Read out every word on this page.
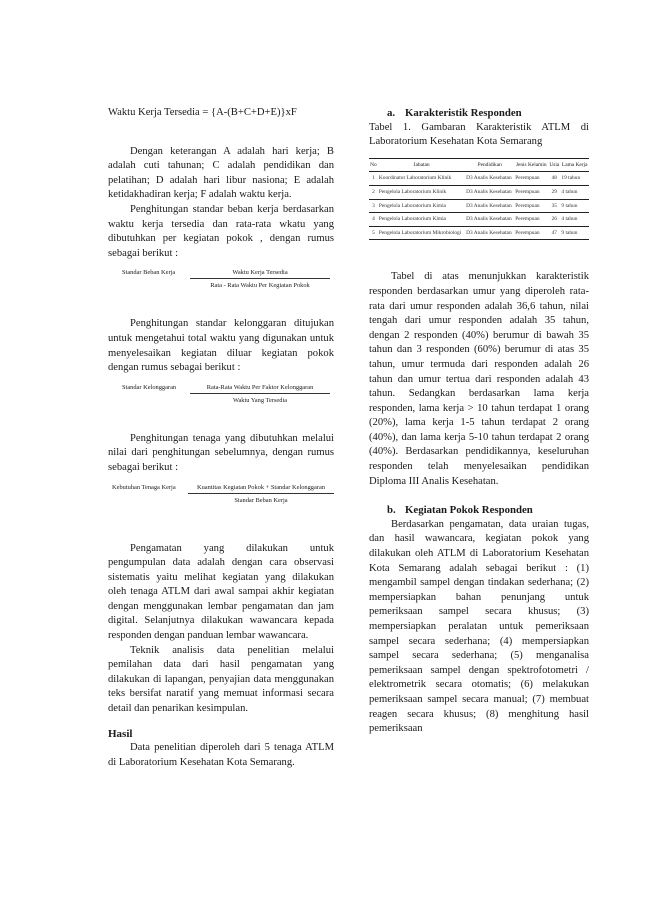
Waktu Kerja Tersedia = {A-(B+C+D+E)}xF

Dengan keterangan A adalah hari kerja; B adalah cuti tahunan; C adalah pendidikan dan pelatihan; D adalah hari libur nasiona; E adalah ketidakhadiran kerja; F adalah waktu kerja.

Penghitungan standar beban kerja berdasarkan waktu kerja tersedia dan rata-rata wkatu yang dibutuhkan per kegiatan pokok , dengan rumus sebagai berikut :

Standar Beban Kerja	Waktu Kerja Tersedia
Rata - Rata Waktu Per Kegiatan Pokok

Penghitungan standar kelonggaran ditujukan untuk mengetahui total waktu yang digunakan untuk menyelesaikan kegiatan diluar kegiatan pokok dengan rumus sebagai berikut :

Standar Kelonggaran	Rata-Rata Waktu Per Faktor Kelonggaran
Waktu Yang Tersedia

Penghitungan tenaga yang dibutuhkan melalui nilai dari penghitungan sebelumnya, dengan rumus sebagai berikut :

Kebutuhan Tenaga Kerja	Kuantitas Kegiatan Pokok + Standar Kelonggaran
Standar Beban Kerja

Pengamatan yang dilakukan untuk pengumpulan data adalah dengan cara observasi sistematis yaitu melihat kegiatan yang dilakukan oleh tenaga ATLM dari awal sampai akhir kegiatan dengan menggunakan lembar pengamatan dan jam digital. Selanjutnya dilakukan wawancara kepada responden dengan panduan lembar wawancara.

Teknik analisis data penelitian melalui pemilahan data dari hasil pengamatan yang dilakukan di lapangan, penyajian data menggunakan teks bersifat naratif yang memuat informasi secara detail dan penarikan kesimpulan.

Hasil

Data penelitian diperoleh dari 5 tenaga ATLM di Laboratorium Kesehatan Kota Semarang.

a. Karakteristik Responden

Tabel 1. Gambaran Karakteristik ATLM di Laboratorium Kesehatan Kota Semarang

No	Jabatan	Pendidikan	Jenis Kelamin	Usia	Lama Kerja
1	Koordinator Laboratorium Klinik	D3 Analis Kesehatan	Perempuan	48	19 tahun
2	Pengelola Laboratorium Klinik	D3 Analis Kesehatan	Perempuan	29	4 tahun
3	Pengelola Laboratorium Kimia	D3 Analis Kesehatan	Perempuan	35	9 tahun
4	Pengelola Laboratorium Kimia	D3 Analis Kesehatan	Perempuan	26	4 tahun
5	Pengelola Laboratorium Mikrobiologi	D3 Analis Kesehatan	Perempuan	47	9 tahun

Tabel di atas menunjukkan karakteristik responden berdasarkan umur yang diperoleh rata-rata dari umur responden adalah 36,6 tahun, nilai tengah dari umur responden adalah 35 tahun, dengan 2 responden (40%) berumur di bawah 35 tahun dan 3 responden (60%) berumur di atas 35 tahun, umur termuda dari responden adalah 26 tahun dan umur tertua dari responden adalah 43 tahun. Sedangkan berdasarkan lama kerja responden, lama kerja > 10 tahun terdapat 1 orang (20%), lama kerja 1-5 tahun terdapat 2 orang (40%), dan lama kerja 5-10 tahun terdapat 2 orang (40%). Berdasarkan pendidikannya, keseluruhan responden telah menyelesaikan pendidikan Diploma III Analis Kesehatan.

b. Kegiatan Pokok Responden

Berdasarkan pengamatan, data uraian tugas, dan hasil wawancara, kegiatan pokok yang dilakukan oleh ATLM di Laboratorium Kesehatan Kota Semarang adalah sebagai berikut : (1) mengambil sampel dengan tindakan sederhana; (2) mempersiapkan bahan penunjang untuk pemeriksaan sampel secara khusus; (3) mempersiapkan peralatan untuk pemeriksaan sampel secara sederhana; (4) mempersiapkan sampel secara sederhana; (5) menganalisa pemeriksaan sampel dengan spektrofotometri / elektrometrik secara otomatis; (6) melakukan pemeriksaan sampel secara manual; (7) membuat reagen secara khusus; (8) menghitung hasil pemeriksaan
